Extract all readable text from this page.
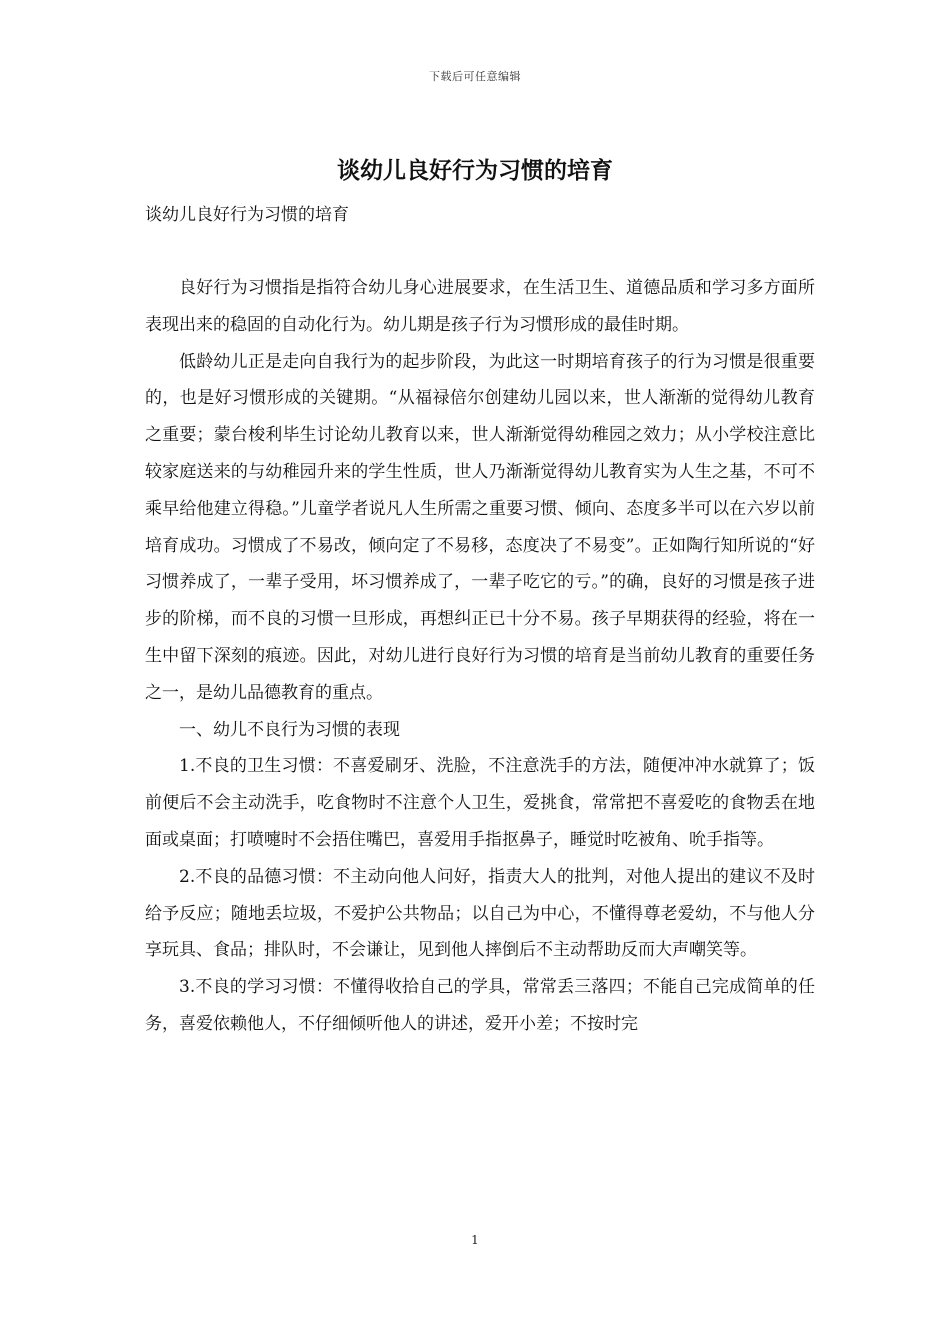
下载后可任意编辑
谈幼儿良好行为习惯的培育

谈幼儿良好行为习惯的培育

良好行为习惯指是指符合幼儿身心进展要求，在生活卫生、道德品质和学习多方面所表现出来的稳固的自动化行为。幼儿期是孩子行为习惯形成的最佳时期。

低龄幼儿正是走向自我行为的起步阶段，为此这一时期培育孩子的行为习惯是很重要的，也是好习惯形成的关键期。“从福禄倍尔创建幼儿园以来，世人渐渐的觉得幼儿教育之重要；蒙台梭利毕生讨论幼儿教育以来，世人渐渐觉得幼稚园之效力；从小学校注意比较家庭送来的与幼稚园升来的学生性质，世人乃渐渐觉得幼儿教育实为人生之基，不可不乘早给他建立得稳。”儿童学者说凡人生所需之重要习惯、倾向、态度多半可以在六岁以前培育成功。习惯成了不易改，倾向定了不易移，态度决了不易变”。正如陶行知所说的“好习惯养成了，一辈子受用，坏习惯养成了，一辈子吃它的亏。”的确，良好的习惯是孩子进步的阶梯，而不良的习惯一旦形成，再想纠正已十分不易。孩子早期获得的经验，将在一生中留下深刻的痕迹。因此，对幼儿进行良好行为习惯的培育是当前幼儿教育的重要任务之一，是幼儿品德教育的重点。

一、幼儿不良行为习惯的表现

1.不良的卫生习惯：不喜爱刷牙、洗脸，不注意洗手的方法，随便冲冲水就算了；饭前便后不会主动洗手，吃食物时不注意个人卫生，爱挑食，常常把不喜爱吃的食物丢在地面或桌面；打喷嚏时不会捂住嘴巴，喜爱用手指抠鼻子，睡觉时吃被角、吮手指等。

2.不良的品德习惯：不主动向他人问好，指责大人的批判，对他人提出的建议不及时给予反应；随地丢垃圾，不爱护公共物品；以自己为中心，不懂得尊老爱幼，不与他人分享玩具、食品；排队时，不会谦让，见到他人摔倒后不主动帮助反而大声嘲笑等。

3.不良的学习习惯：不懂得收拾自己的学具，常常丢三落四；不能自己完成简单的任务，喜爱依赖他人，不仔细倾听他人的讲述，爱开小差；不按时完

1
